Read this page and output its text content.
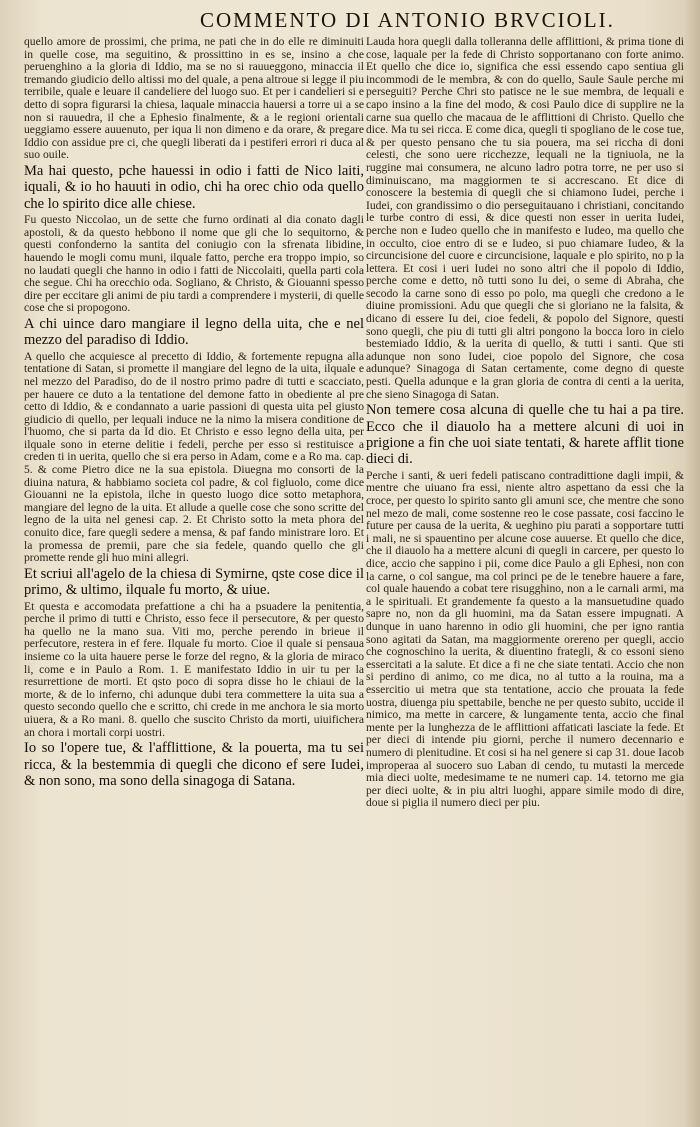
COMMENTO DI ANTONIO BRVCIOLI.

quello amore de prossimi, che prima, ne pati che in do elle re diminuiti in quelle cose, ma seguitino, & prossittino in es se, insino a che peruenghino a la gloria di Iddio, ma se no si rauueggono, minaccia il tremando giudicio dello altissi mo del quale, a pena altroue si legge il piu terribile, quale e leuare il candeliere del luogo suo. Et per i candelieri si e detto di sopra figurarsi la chiesa, laquale minaccia hauersi a torre ui a se non si rauuedra, il che a Ephesio finalmente, & a le regioni orientali ueggiamo essere auuenuto, per iqua li non dimeno e da orare, & pregare Iddio con assidue pre ci, che quegli liberati da i pestiferi errori ri duca al suo ouile.

Ma hai questo, pche hauessi in odio i fatti de Nico laiti, iquali, & io ho hauuti in odio, chi ha orec chio oda quello che lo spirito dice alle chiese.

Fu questo Niccolao, un de sette che furno ordinati al dia conato dagli apostoli, & da questo hebbono il nome que gli che lo sequitorno, & questi confonderno la santita del coniugio con la sfrenata libidine, hauendo le mogli comu muni, ilquale fatto, perche era troppo impio, so no laudati quegli che hanno in odio i fatti de Niccolaiti, quella parti cola che segue. Chi ha orecchio oda. Sogliano, & Christo, & Giouanni spesso dire per eccitare gli animi de piu tardi a comprendere i mysterii, di quelle cose che si propogono.

A chi uince daro mangiare il legno della uita, che e nel mezzo del paradiso di Iddio.

A quello che acquiesce al precetto di Iddio, & fortemente repugna alla tentatione di Satan, si promette il mangiare del legno de la uita, ilquale e nel mezzo del Paradiso, do de il nostro primo padre di tutti e scacciato, per hauere ce duto a la tentatione del demone fatto in obediente al pre cetto di Iddio, & e condannato a uarie passioni di questa uita pel giusto giudicio di quello, per lequali induce ne la nimo la misera conditione de l'huomo, che si parta da Id dio. Et Christo e esso legno della uita, per ilquale sono in eterne delitie i fedeli, perche per esso si restituisce a creden ti in uerita, quello che si era perso in Adam, come e a Ro ma. cap. 5. & come Pietro dice ne la sua epistola. Diuegna mo consorti de la diuina natura, & habbiamo societa col padre, & col figluolo, come dice Giouanni ne la epistola, ilche in questo luogo dice sotto metaphora, mangiare del legno de la uita. Et allude a quelle cose che sono scritte del legno de la uita nel genesi cap. 2. Et Christo sotto la meta phora del conuito dice, fare quegli sedere a mensa, & paf fando ministrare loro. Et la promessa de premii, pare che sia fedele, quando quello che gli promette rende gli huo mini allegri.

Et scriui all'agelo de la chiesa di Symirne, qste cose dice il primo, & ultimo, ilquale fu morto, & uiue.

Et questa e accomodata prefattione a chi ha a psuadere la penitentia, perche il primo di tutti e Christo, esso fece il persecutore, & per questo ha quello ne la mano sua. Viti mo, perche perendo in brieue il perfecutore, restera in ef fere. Ilquale fu morto. Cioe il quale si pensaua insieme co la uita hauere perse le forze del regno, & la gloria de miraco li, come e in Paulo a Rom. 1. E manifestato Iddio in uir tu per la resurrettione de morti. Et qsto poco di sopra disse ho le chiaui de la morte, & de lo inferno, chi adunque dubi tera commettere la uita sua a questo secondo quello che e scritto, chi crede in me anchora le sia morto uiuera, & a Ro mani. 8. quello che suscito Christo da morti, uiuifichera an chora i mortali corpi uostri.

Io so l'opere tue, & l'afflittione, & la pouerta, ma tu sei ricca, & la bestemmia di quegli che dicono ef sere Iudei, & non sono, ma sono della sinagoga di Satana.

Lauda hora quegli dalla tolleranna delle afflittioni, & prima tione di cose, laquale per la fede di Christo sopportanano con forte animo. Et quello che dice io, significa che essi essendo capo sentiua gli incommodi de le membra, & con do quello, Saule Saule perche mi perseguiti? Perche Chri sto patisce ne le sue membra, de lequali e capo insino a la fine del modo, & cosi Paulo dice di supplire ne la carne sua quello che macaua de le afflittioni di Christo. Quello che dice. Ma tu sei ricca. E come dica, quegli ti spogliano de le cose tue, & per questo pensano che tu sia pouera, ma sei riccha di doni celesti, che sono uere ricchezze, lequali ne la tigniuola, ne la ruggine mai consumera, ne alcuno ladro potra torre, ne per uso si diminuiscano, ma maggiormen te si accrescano. Et dice di conoscere la bestemia di quegli che si chiamono Iudei, perche i Iudei, con grandissimo o dio perseguitauano i christiani, concitando le turbe contro di essi, & dice questi non esser in uerita Iudei, perche non e Iudeo quello che in manifesto e Iudeo, ma quello che in occulto, cioe entro di se e Iudeo, si puo chiamare Iudeo, & la circuncisione del cuore e circuncisione, laquale e plo spirito, no p la lettera. Et cosi i ueri Iudei no sono altri che il popolo di Iddio, perche come e detto, nõ tutti sono Iu dei, o seme di Abraha, che secodo la carne sono di esso po polo, ma quegli che credono a le diuine promissioni. Adu que quegli che si gloriano ne la falsita, & dicano di essere Iu dei, cioe fedeli, & popolo del Signore, questi sono quegli, che piu di tutti gli altri pongono la bocca loro in cielo bestemiado Iddio, & la uerita di quello, & tutti i santi. Que sti adunque non sono Iudei, cioe popolo del Signore, che cosa adunque? Sinagoga di Satan certamente, come degno di queste pesti. Quella adunque e la gran gloria de contra di centi a la uerita, che sieno Sinagoga di Satan.

Non temere cosa alcuna di quelle che tu hai a pa tire. Ecco che il diauolo ha a mettere alcuni di uoi in prigione a fin che uoi siate tentati, & harete afflit tione dieci di.

Perche i santi, & ueri fedeli patiscano contradittione dagli impii, & mentre che uiuano fra essi, niente altro aspettano da essi che la croce, per questo lo spirito santo gli amuni sce, che mentre che sono nel mezo de mali, come sostenne reo le cose passate, cosi faccino le future per causa de la uerita, & ueghino piu parati a sopportare tutti i mali, ne si spauentino per alcune cose auuerse. Et quello che dice, che il diauolo ha a mettere alcuni di quegli in carcere, per questo lo dice, accio che sappino i pii, come dice Paulo a gli Ephesi, non con la carne, o col sangue, ma col princi pe de le tenebre hauere a fare, col quale hauendo a cobat tere risugghino, non a le carnali armi, ma a le spirituali. Et grandemente fa questo a la mansuetudine quado sapre no, non da gli huomini, ma da Satan essere impugnati. A dunque in uano harenno in odio gli huomini, che per igno rantia sono agitati da Satan, ma maggiormente orereno per quegli, accio che cognoschino la uerita, & diuentino frategli, & co essoni sieno essercitati a la salute. Et dice a fi ne che siate tentati. Accio che non si perdino di animo, co me dica, no al tutto a la rouina, ma a essercitio ui metra que sta tentatione, accio che prouata la fede uostra, diuenga piu spettabile, benche ne per questo subito, uccide il nimico, ma mette in carcere, & lungamente tenta, accio che final mente per la lunghezza de le afflittioni affaticati lasciate la fede. Et per dieci di intende piu giorni, perche il numero decennario e numero di plenitudine. Et cosi si ha nel genere si cap 31. doue Iacob improperaa al suocero suo Laban di cendo, tu mutasti la mercede mia dieci uolte, medesimame te ne numeri cap. 14. tetorno me gia per dieci uolte, & in piu altri luoghi, appare simile modo di dire, doue si piglia il numero dieci per piu.
